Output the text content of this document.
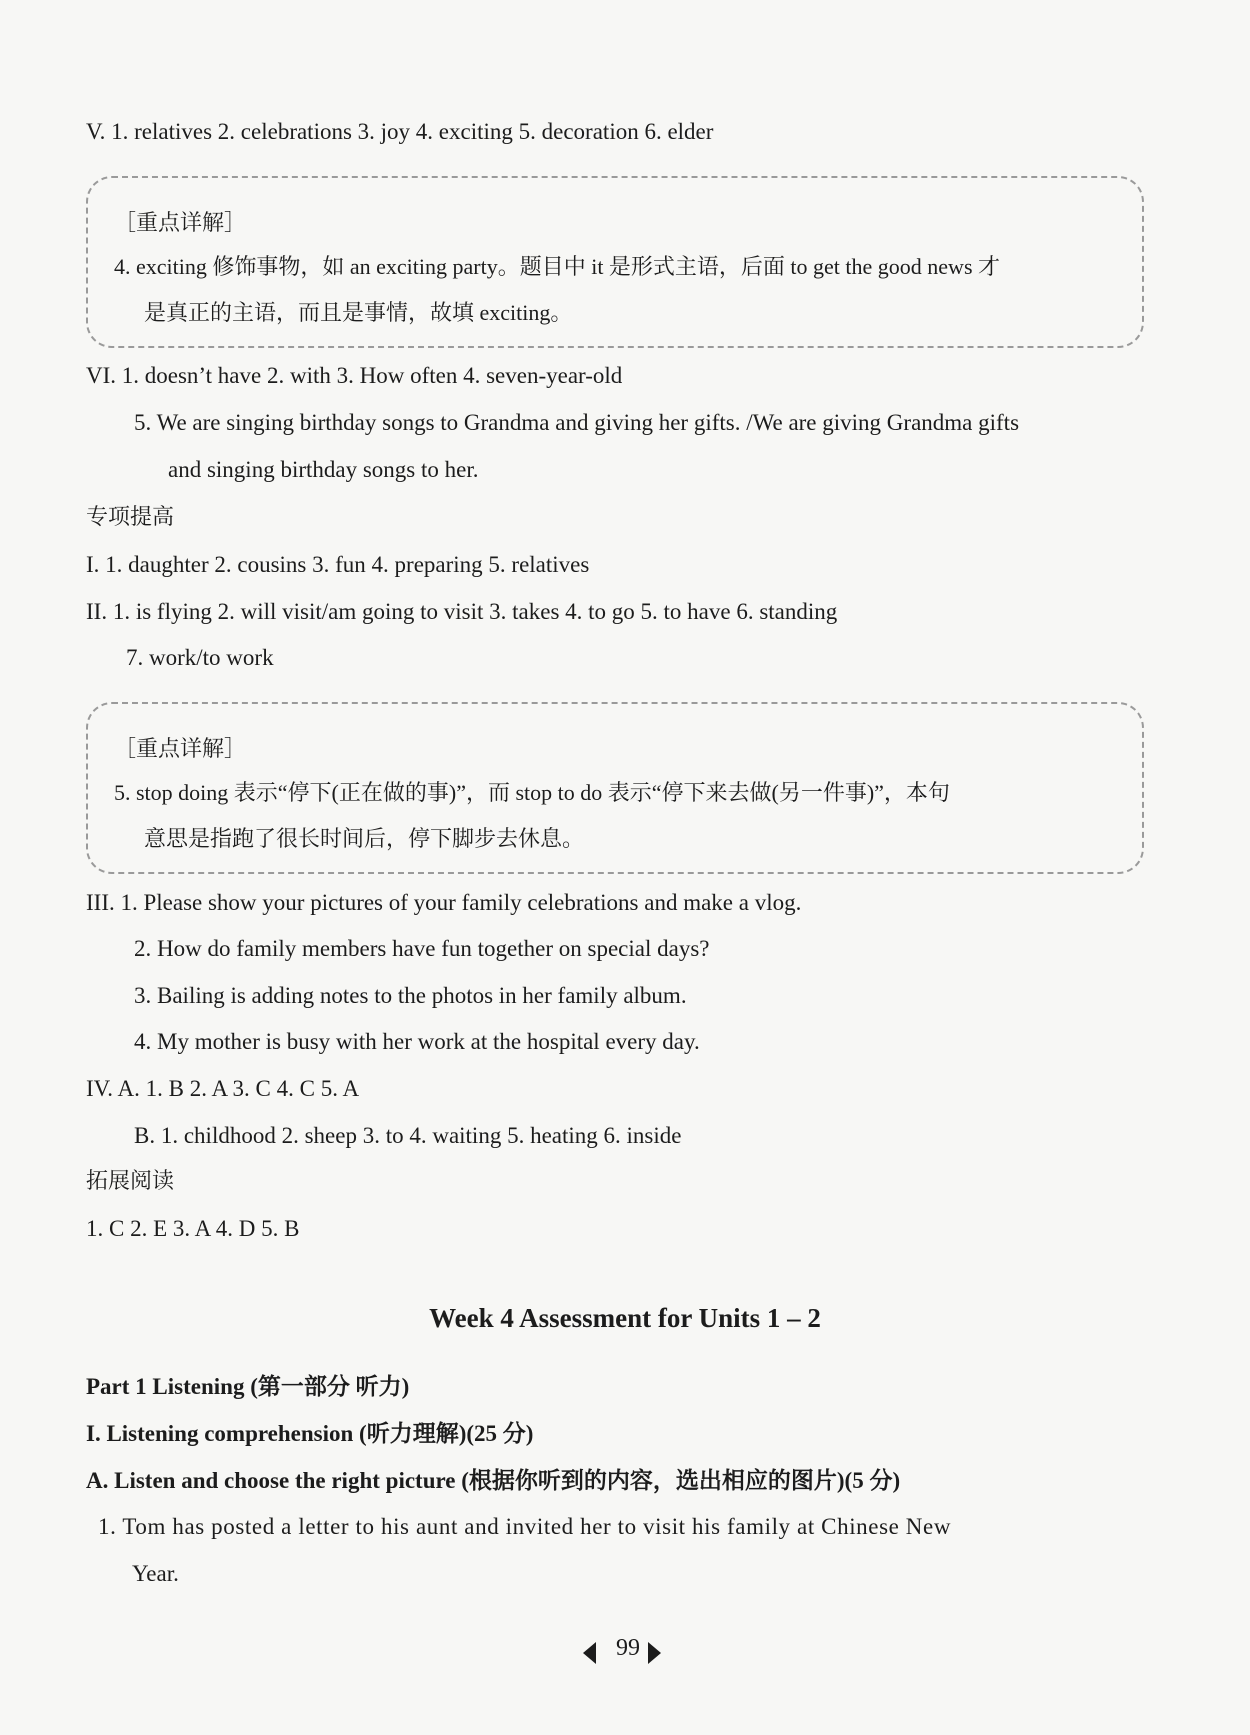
V. 1. relatives 2. celebrations 3. joy 4. exciting 5. decoration 6. elder
［重点详解］
4. exciting 修饰事物，如 an exciting party。题目中 it 是形式主语，后面 to get the good news 才
是真正的主语，而且是事情，故填 exciting。
VI. 1. doesn’t have 2. with 3. How often 4. seven-year-old
5. We are singing birthday songs to Grandma and giving her gifts. /We are giving Grandma gifts
and singing birthday songs to her.
专项提高
I. 1. daughter 2. cousins 3. fun 4. preparing 5. relatives
II. 1. is flying 2. will visit/am going to visit 3. takes 4. to go 5. to have 6. standing
7. work/to work
［重点详解］
5. stop doing 表示“停下(正在做的事)”，而 stop to do 表示“停下来去做(另一件事)”，本句
意思是指跑了很长时间后，停下脚步去休息。
III. 1. Please show your pictures of your family celebrations and make a vlog.
2. How do family members have fun together on special days?
3. Bailing is adding notes to the photos in her family album.
4. My mother is busy with her work at the hospital every day.
IV. A. 1. B 2. A 3. C 4. C 5. A
B. 1. childhood 2. sheep 3. to 4. waiting 5. heating 6. inside
拓展阅读
1. C 2. E 3. A 4. D 5. B
Week 4 Assessment for Units 1 – 2
Part 1 Listening (第一部分 听力)
I. Listening comprehension (听力理解)(25 分)
A. Listen and choose the right picture (根据你听到的内容，选出相应的图片)(5 分)
1. Tom has posted a letter to his aunt and invited her to visit his family at Chinese New
Year.
99
